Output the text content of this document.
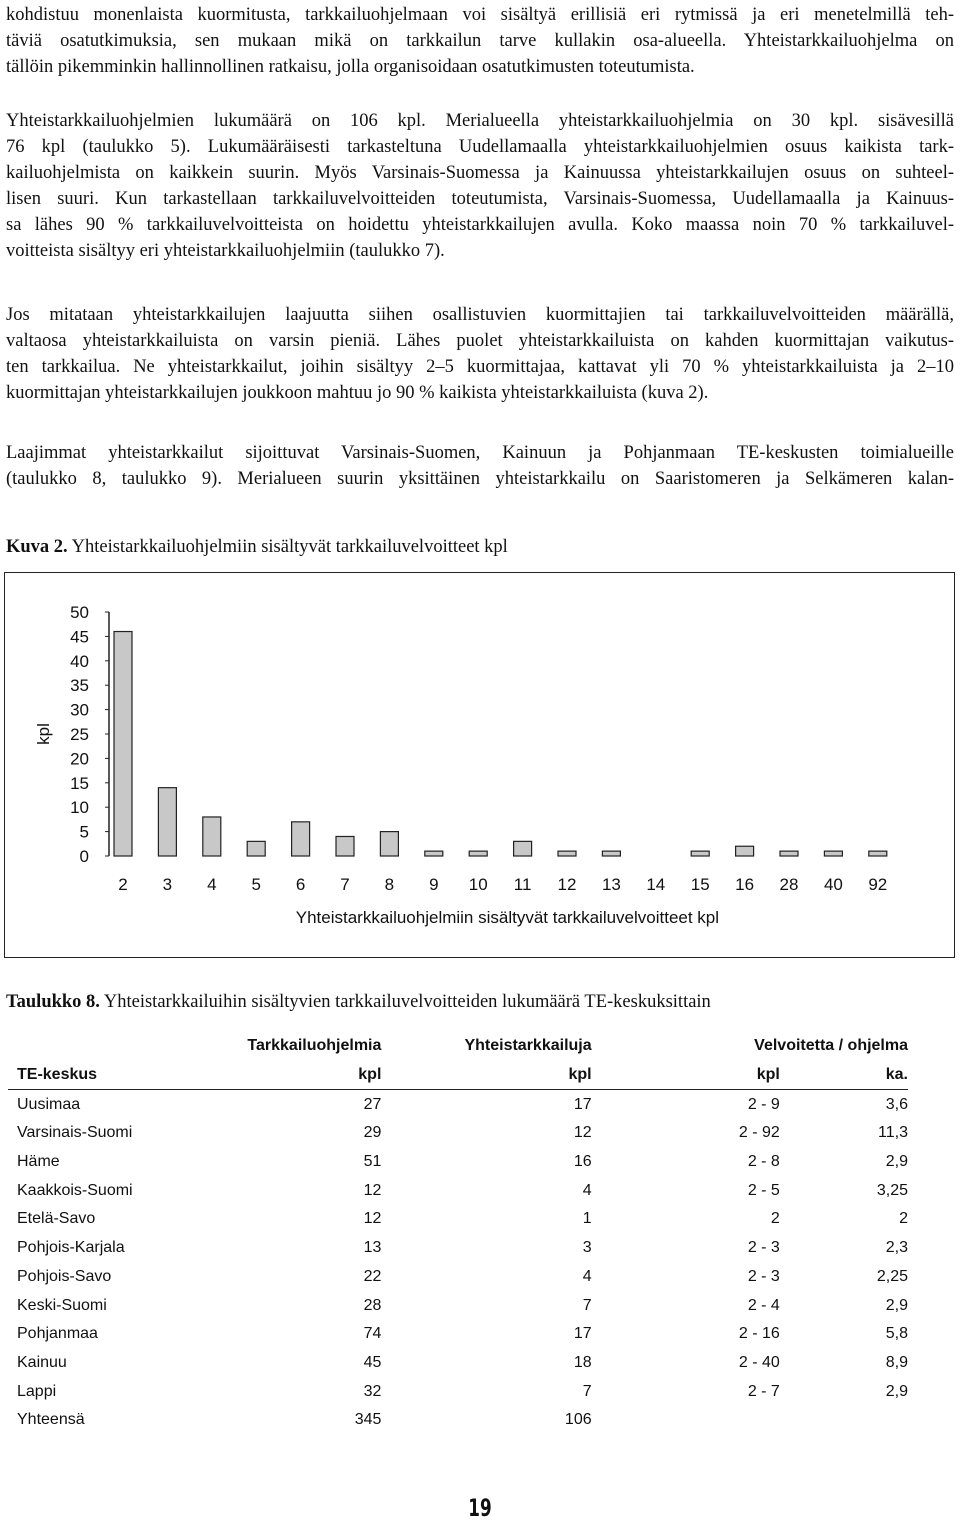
kohdistuu monenlaista kuormitusta, tarkkailuohjelmaan voi sisältyä erillisiä eri rytmissä ja eri menetelmillä teh-
täviä osatutkimuksia, sen mukaan mikä on tarkkailun tarve kullakin osa-alueella. Yhteistarkkailuohjelma on
tällöin pikemminkin hallinnollinen ratkaisu, jolla organisoidaan osatutkimusten toteutumista.
Yhteistarkkailuohjelmien lukumäärä on 106 kpl. Merialueella yhteistarkkailuohjelmia on 30 kpl. sisävesillä
76 kpl (taulukko 5). Lukumääräisesti tarkasteltuna Uudellamaalla yhteistarkkailuohjelmien osuus kaikista tark-
kailuohjelmista on kaikkein suurin. Myös Varsinais-Suomessa ja Kainuussa yhteistarkkailujen osuus on suhteel-
lisen suuri. Kun tarkastellaan tarkkailuvelvoitteiden toteutumista, Varsinais-Suomessa, Uudellamaalla ja Kainuus-
sa lähes 90 % tarkkailuvelvoitteista on hoidettu yhteistarkkailujen avulla. Koko maassa noin 70 % tarkkailuvel-
voitteista sisältyy eri yhteistarkkailuohjelmiin (taulukko 7).
Jos mitataan yhteistarkkailujen laajuutta siihen osallistuvien kuormittajien tai tarkkailuvelvoitteiden määrällä,
valtaosa yhteistarkkailuista on varsin pieniä. Lähes puolet yhteistarkkailuista on kahden kuormittajan vaikutus-
ten tarkkailua. Ne yhteistarkkailut, joihin sisältyy 2–5 kuormittajaa, kattavat yli 70 % yhteistarkkailuista ja 2–10
kuormittajan yhteistarkkailujen joukkoon mahtuu jo 90 % kaikista yhteistarkkailuista (kuva 2).
Laajimmat yhteistarkkailut sijoittuvat Varsinais-Suomen, Kainuun ja Pohjanmaan TE-keskusten toimialueille
(taulukko 8, taulukko 9). Merialueen suurin yksittäinen yhteistarkkailu on Saaristomeren ja Selkämeren kalan-
Kuva 2. Yhteistarkkailuohjelmiin sisältyvät tarkkailuvelvoitteet kpl
0
5
10
15
20
25
30
35
40
45
50
kpl
2 3 4 5 6 7 8 9 10 11 12 13 14 15 16 28 40 92
Yhteistarkkailuohjelmiin sisältyvät tarkkailuvelvoitteet kpl
Taulukko 8. Yhteistarkkailuihin sisältyvien tarkkailuvelvoitteiden lukumäärä TE-keskuksittain
	Tarkkailuohjelmia	Yhteistarkkailuja	Velvoitetta / ohjelma	
TE-keskus	kpl	kpl	kpl	ka.
Uusimaa	27	17	2 - 9	3,6
Varsinais-Suomi	29	12	2 - 92	11,3
Häme	51	16	2 - 8	2,9
Kaakkois-Suomi	12	4	2 - 5	3,25
Etelä-Savo	12	1	2	2
Pohjois-Karjala	13	3	2 - 3	2,3
Pohjois-Savo	22	4	2 - 3	2,25
Keski-Suomi	28	7	2 - 4	2,9
Pohjanmaa	74	17	2 - 16	5,8
Kainuu	45	18	2 - 40	8,9
Lappi	32	7	2 - 7	2,9
Yhteensä	345	106		
19
